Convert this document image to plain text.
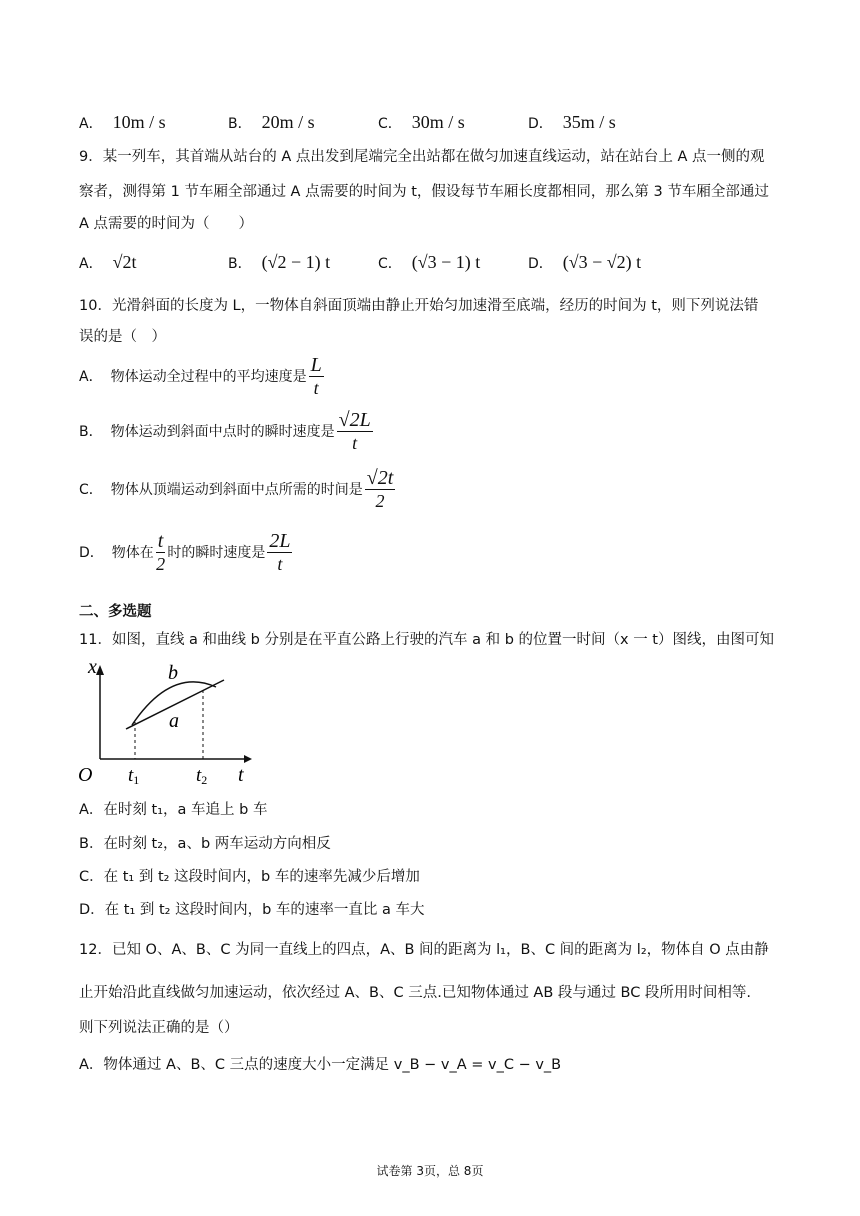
A． 10m / s	B． 20m / s	C． 30m / s	D． 35m / s
9．某一列车，其首端从站台的 A 点出发到尾端完全出站都在做匀加速直线运动，站在站台上 A 点一侧的观
察者，测得第 1 节车厢全部通过 A 点需要的时间为 t，假设每节车厢长度都相同，那么第 3 节车厢全部通过
A 点需要的时间为（　　）
A． √2t	B． (√2 − 1) t	C． (√3 − 1) t	D． (√3 − √2) t
10．光滑斜面的长度为 L，一物体自斜面顶端由静止开始匀加速滑至底端，经历的时间为 t，则下列说法错
误的是（　）
A． 物体运动全过程中的平均速度是 $\frac{L}{t}$
B． 物体运动到斜面中点时的瞬时速度是 $\frac{√2L}{t}$
C． 物体从顶端运动到斜面中点所需的时间是 $\frac{√2t}{2}$
D． 物体在 $\frac{t}{2}$ 时的瞬时速度是 $\frac{2L}{t}$
二、多选题
11．如图，直线 a 和曲线 b 分别是在平直公路上行驶的汽车 a 和 b 的位置一时间（x 一 t）图线，由图可知
x
t
O
b
a
t1	t2
A．在时刻 t₁，a 车追上 b 车
B．在时刻 t₂，a、b 两车运动方向相反
C．在 t₁ 到 t₂ 这段时间内，b 车的速率先减少后增加
D．在 t₁ 到 t₂ 这段时间内，b 车的速率一直比 a 车大
12．已知 O、A、B、C 为同一直线上的四点，A、B 间的距离为 l₁，B、C 间的距离为 l₂，物体自 O 点由静
止开始沿此直线做匀加速运动，依次经过 A、B、C 三点.已知物体通过 AB 段与通过 BC 段所用时间相等.
则下列说法正确的是（）
A．物体通过 A、B、C 三点的速度大小一定满足 v_B − v_A = v_C − v_B
试卷第 3页，总 8页
